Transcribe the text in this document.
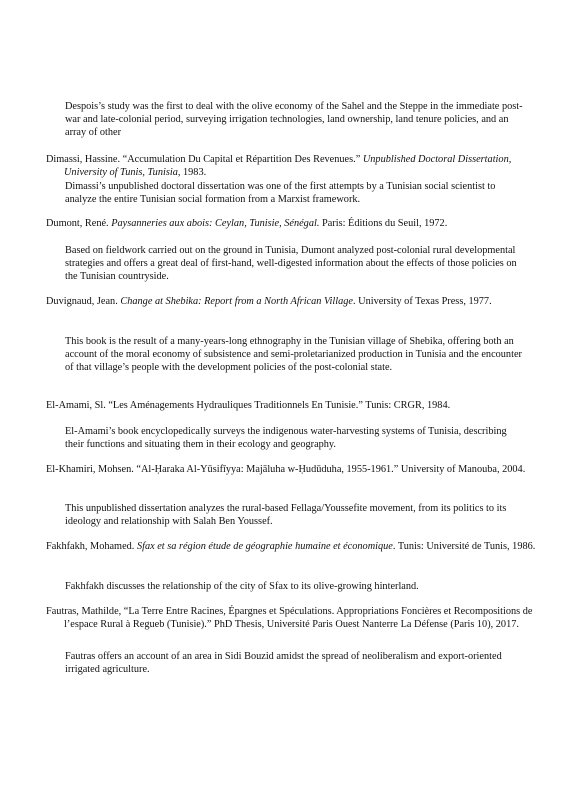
Despois’s study was the first to deal with the olive economy of the Sahel and the Steppe in the immediate post-war and late-colonial period, surveying irrigation technologies, land ownership, land tenure policies, and an array of other

Dimassi, Hassine. “Accumulation Du Capital et Répartition Des Revenues.” Unpublished Doctoral Dissertation, University of Tunis, Tunisia, 1983.

Dimassi’s unpublished doctoral dissertation was one of the first attempts by a Tunisian social scientist to analyze the entire Tunisian social formation from a Marxist framework.

Dumont, René. Paysanneries aux abois: Ceylan, Tunisie, Sénégal. Paris: Éditions du Seuil, 1972.

Based on fieldwork carried out on the ground in Tunisia, Dumont analyzed post-colonial rural developmental strategies and offers a great deal of first-hand, well-digested information about the effects of those policies on the Tunisian countryside.

Duvignaud, Jean. Change at Shebika: Report from a North African Village. University of Texas Press, 1977.

This book is the result of a many-years-long ethnography in the Tunisian village of Shebika, offering both an account of the moral economy of subsistence and semi-proletarianized production in Tunisia and the encounter of that village’s people with the development policies of the post-colonial state.

El-Amami, Sl. “Les Aménagements Hydrauliques Traditionnels En Tunisie.” Tunis: CRGR, 1984.

El-Amami’s book encyclopedically surveys the indigenous water-harvesting systems of Tunisia, describing their functions and situating them in their ecology and geography.

El-Khamiri, Mohsen. “Al-Ḥaraka Al-Yūsifīyya: Majāluha w-Ḥudūduha, 1955-1961.” University of Manouba, 2004.

This unpublished dissertation analyzes the rural-based Fellaga/Youssefite movement, from its politics to its ideology and relationship with Salah Ben Youssef.

Fakhfakh, Mohamed. Sfax et sa région étude de géographie humaine et économique. Tunis: Université de Tunis, 1986.

Fakhfakh discusses the relationship of the city of Sfax to its olive-growing hinterland.

Fautras, Mathilde, “La Terre Entre Racines, Épargnes et Spéculations. Appropriations Foncières et Recompositions de l’espace Rural à Regueb (Tunisie).” PhD Thesis, Université Paris Ouest Nanterre La Défense (Paris 10), 2017.

Fautras offers an account of an area in Sidi Bouzid amidst the spread of neoliberalism and export-oriented irrigated agriculture.
